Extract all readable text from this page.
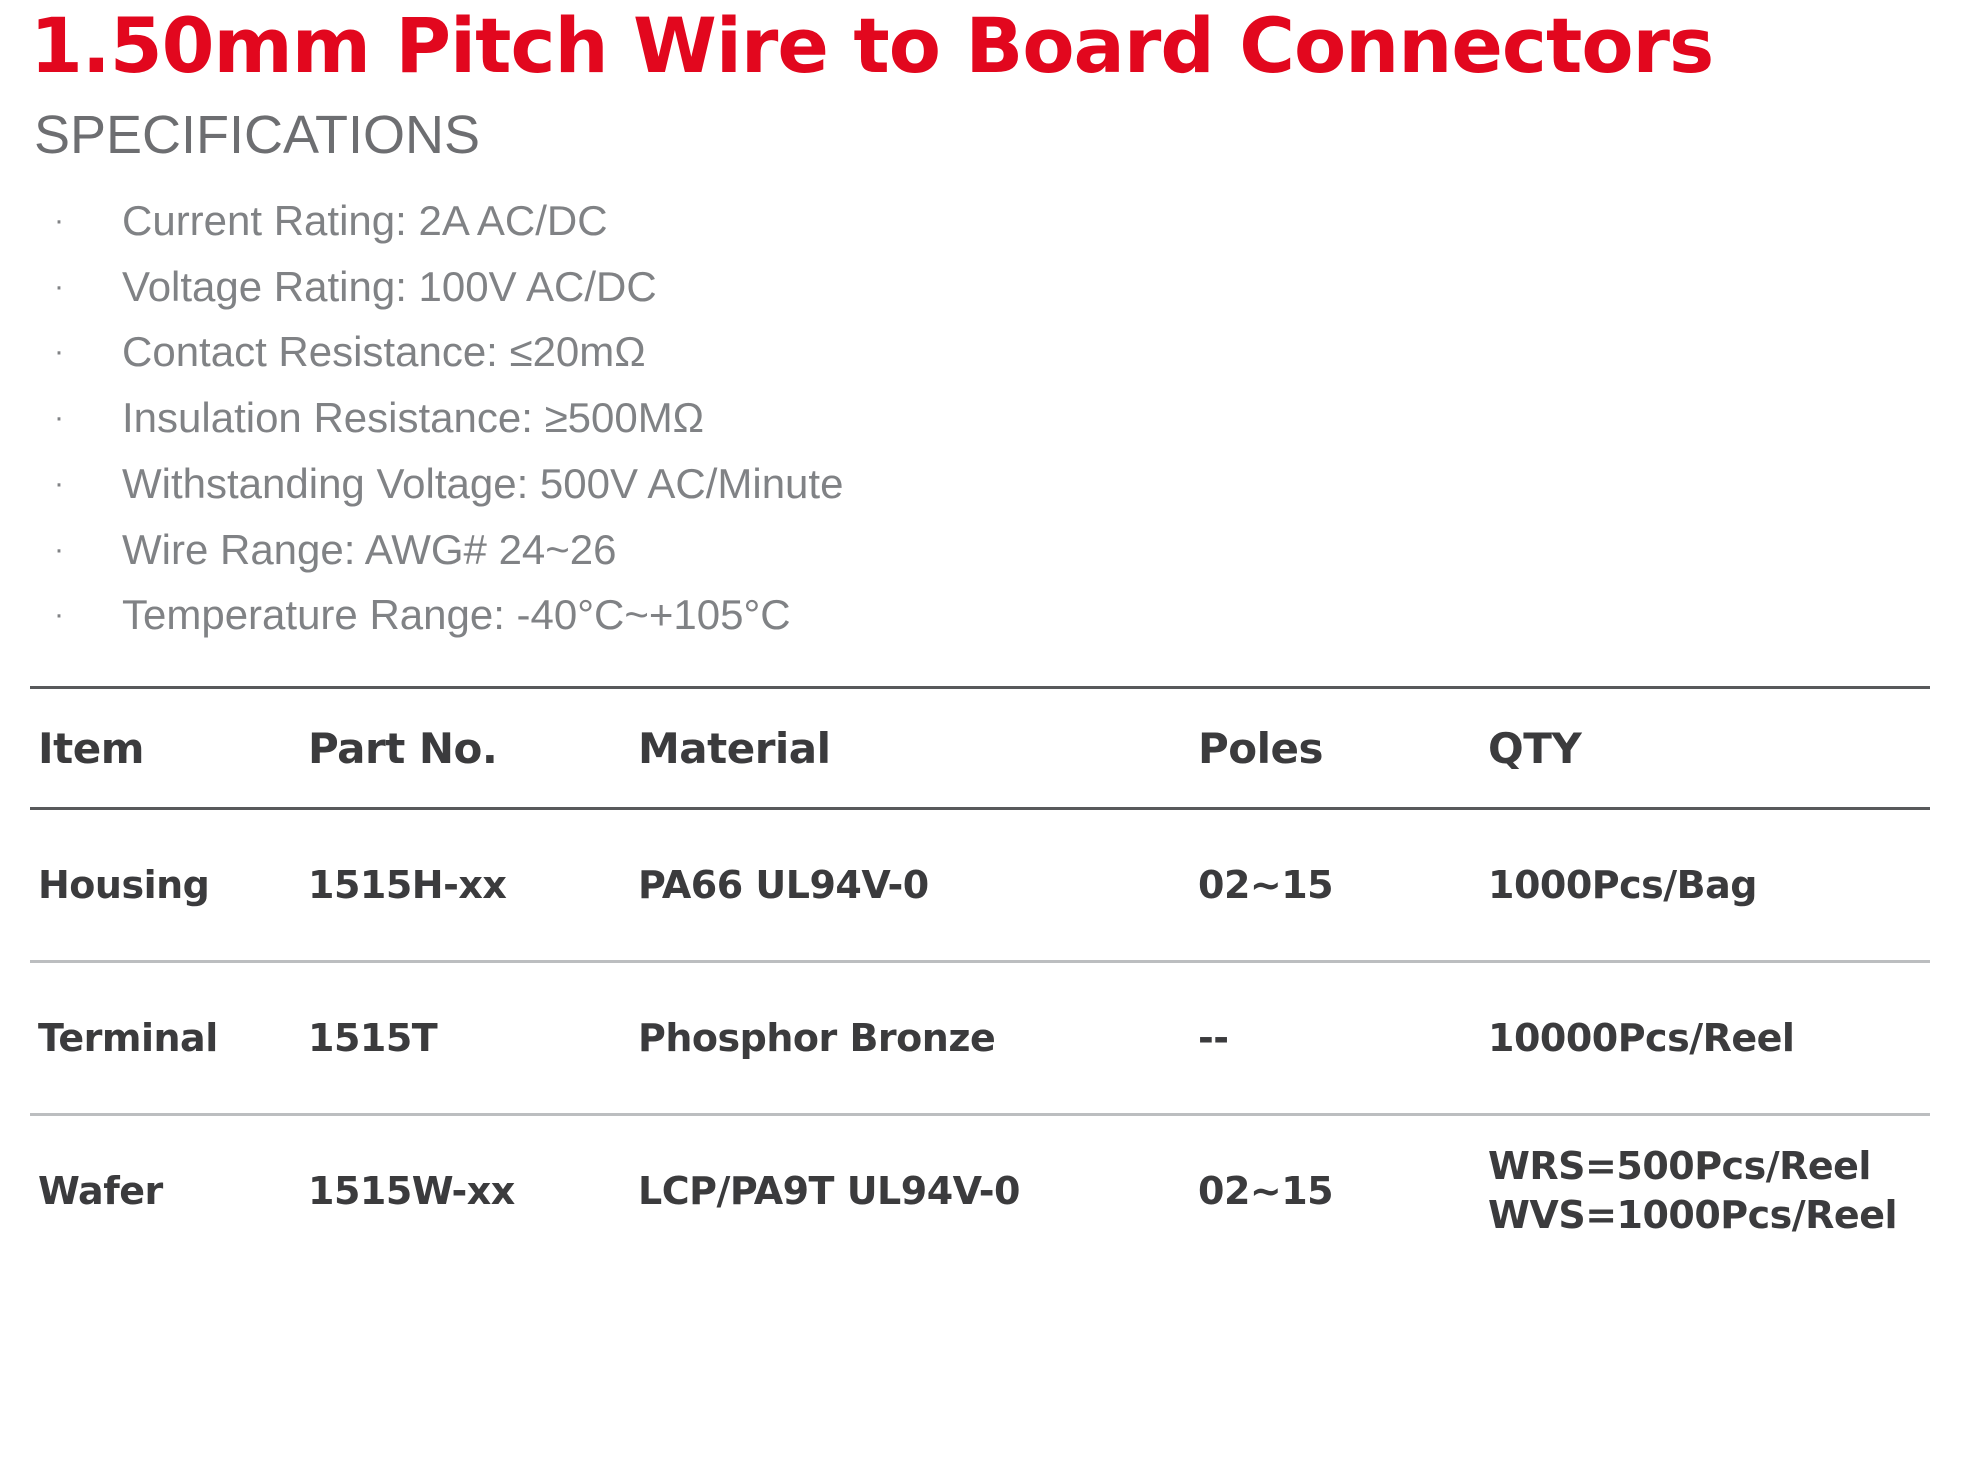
1.50mm Pitch Wire to Board Connectors
SPECIFICATIONS
· Current Rating: 2A AC/DC
· Voltage Rating: 100V AC/DC
· Contact Resistance: ≤20mΩ
· Insulation Resistance: ≥500MΩ
· Withstanding Voltage: 500V AC/Minute
· Wire Range: AWG# 24~26
· Temperature Range: -40°C~+105°C
Item	Part No.	Material	Poles	QTY
Housing	1515H-xx	PA66 UL94V-0	02~15	1000Pcs/Bag

Terminal	1515T	Phosphor Bronze	--	10000Pcs/Reel

Wafer	1515W-xx	LCP/PA9T UL94V-0	02~15	WRS=500Pcs/Reel
WVS=1000Pcs/Reel
